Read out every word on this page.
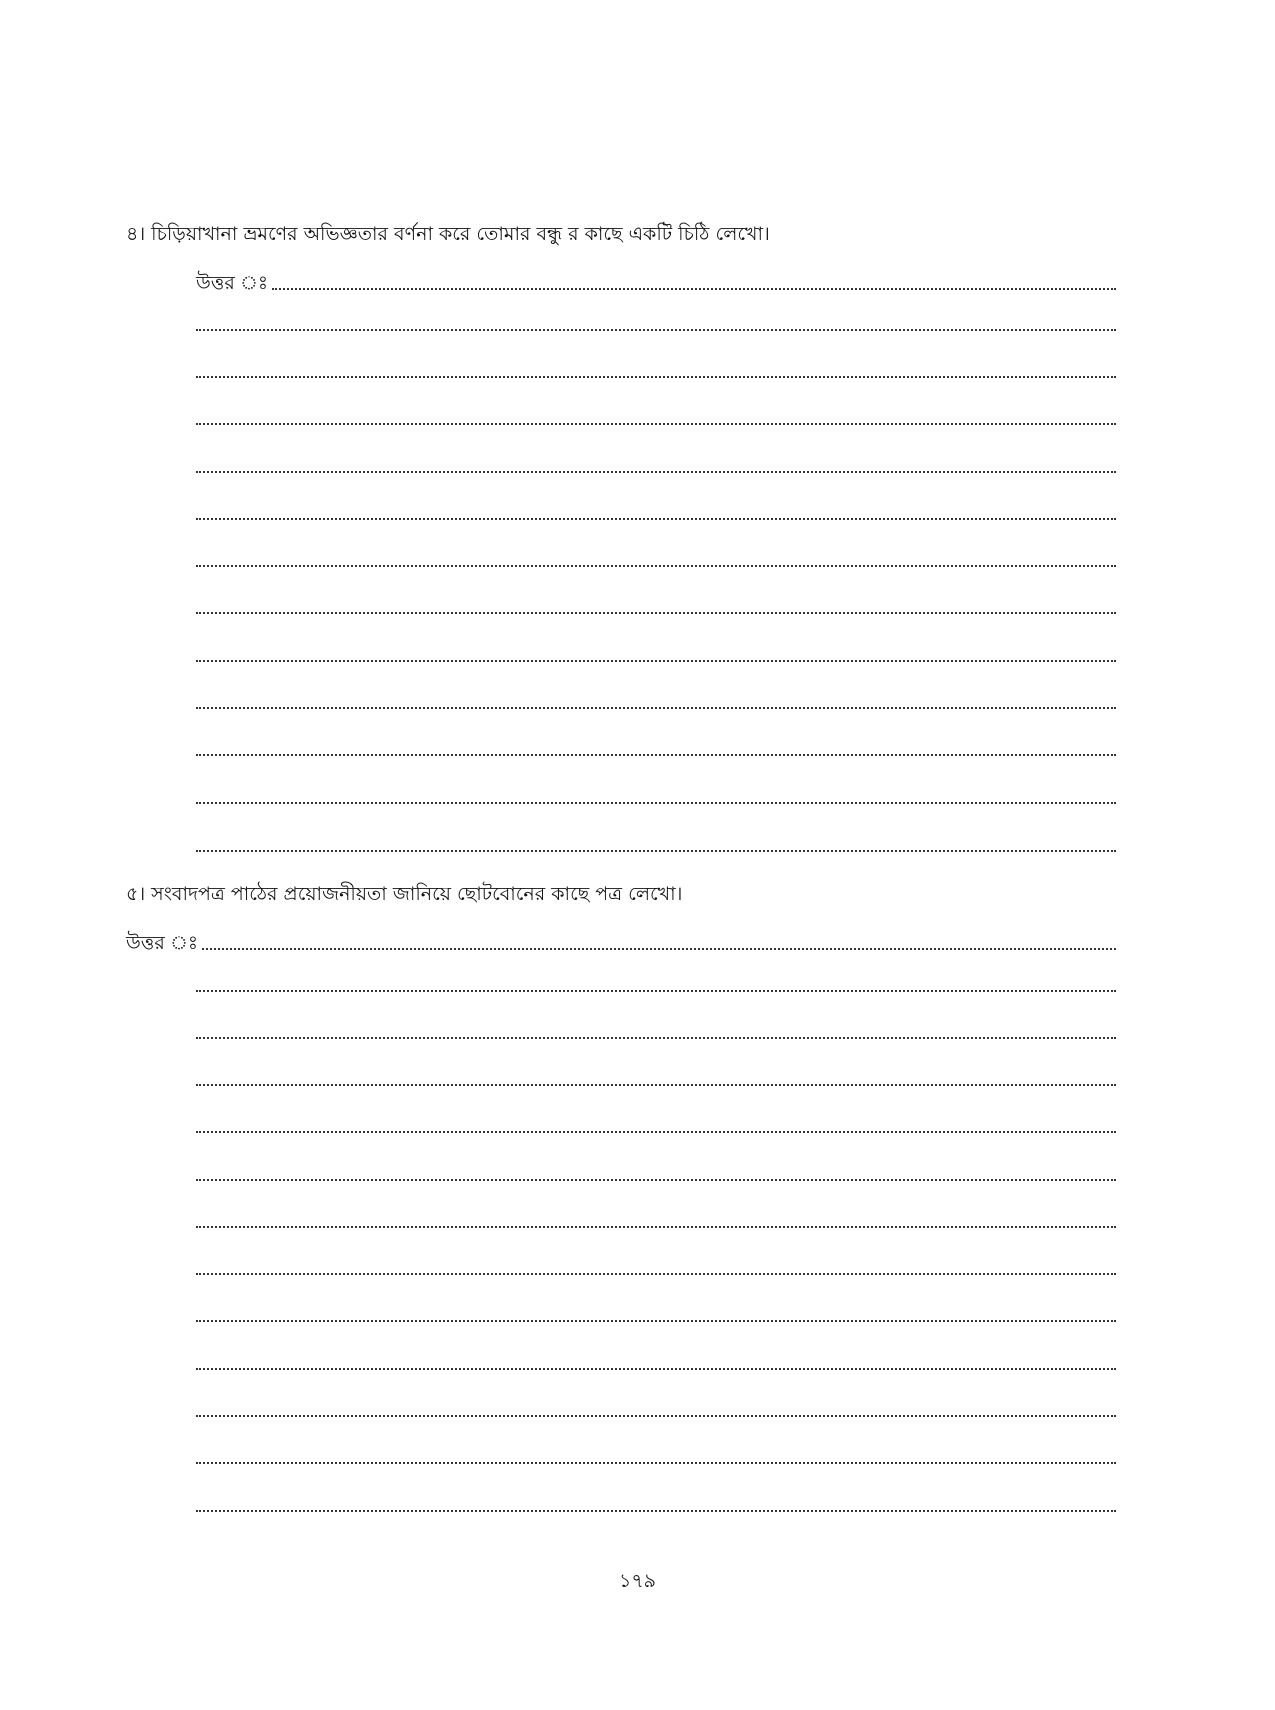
৪। চিড়িয়াখানা ভ্রমণের অভিজ্ঞতার বর্ণনা করে তোমার বন্ধু র কাছে একটি চিঠি লেখো।
উত্তর ঃ
৫। সংবাদপত্র পাঠের প্রয়োজনীয়তা জানিয়ে ছোটবোনের কাছে পত্র লেখো।
উত্তর ঃ
১৭৯
